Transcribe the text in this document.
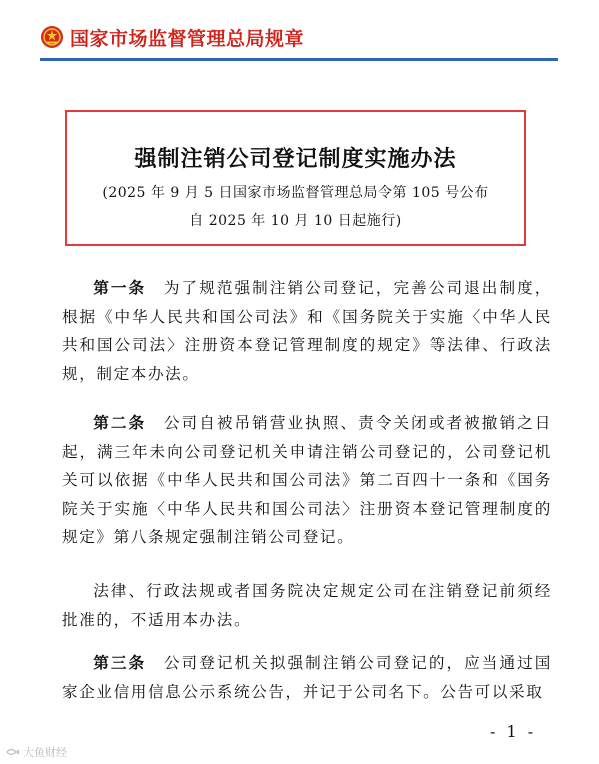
国家市场监督管理总局规章
强制注销公司登记制度实施办法
(2025 年 9 月 5 日国家市场监督管理总局令第 105 号公布
自 2025 年 10 月 10 日起施行)
第一条  为了规范强制注销公司登记，完善公司退出制度，根据《中华人民共和国公司法》和《国务院关于实施〈中华人民共和国公司法〉注册资本登记管理制度的规定》等法律、行政法规，制定本办法。
第二条  公司自被吊销营业执照、责令关闭或者被撤销之日起，满三年未向公司登记机关申请注销公司登记的，公司登记机关可以依据《中华人民共和国公司法》第二百四十一条和《国务院关于实施〈中华人民共和国公司法〉注册资本登记管理制度的规定》第八条规定强制注销公司登记。
法律、行政法规或者国务院决定规定公司在注销登记前须经批准的，不适用本办法。
第三条  公司登记机关拟强制注销公司登记的，应当通过国家企业信用信息公示系统公告，并记于公司名下。公告可以采取
- 1 -
大鱼财经
